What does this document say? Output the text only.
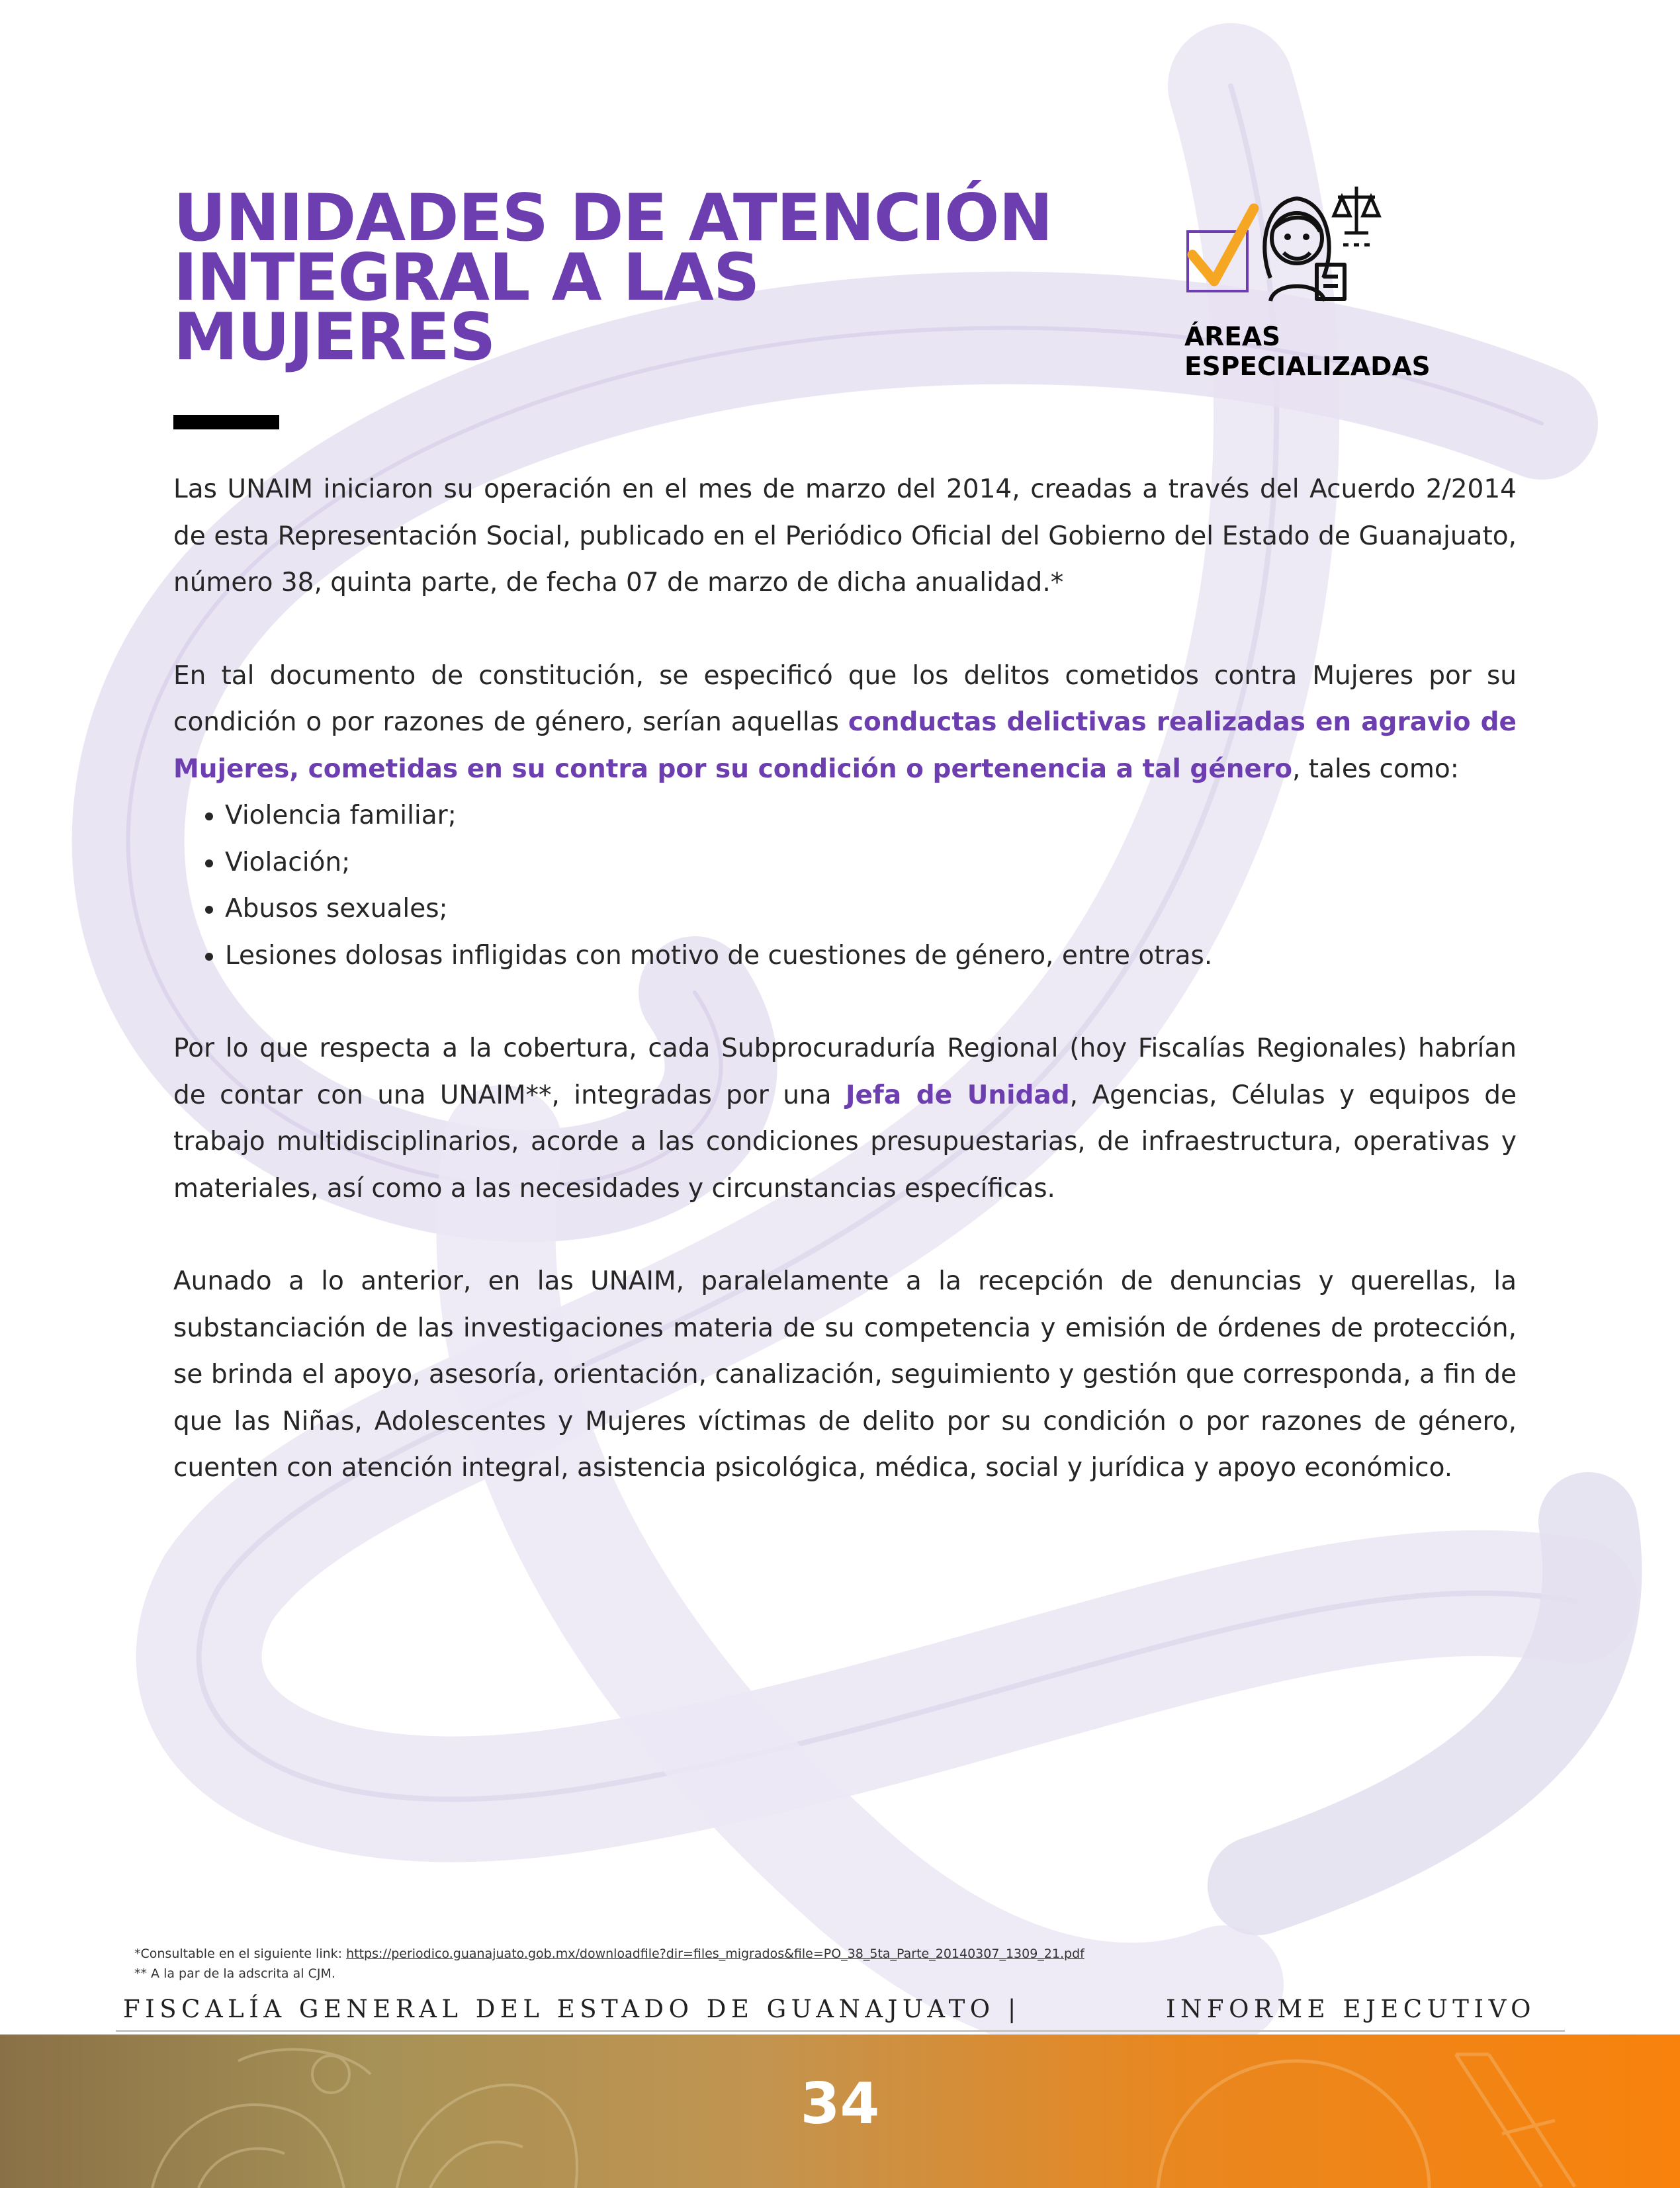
UNIDADES DE ATENCIÓN
INTEGRAL A LAS
MUJERES	ÁREAS ESPECIALIZADAS

Las UNAIM iniciaron su operación en el mes de marzo del 2014, creadas a través del Acuerdo 2/2014 de esta Representación Social, publicado en el Periódico Oficial del Gobierno del Estado de Guanajuato, número 38, quinta parte, de fecha 07 de marzo de dicha anualidad.*

En tal documento de constitución, se especificó que los delitos cometidos contra Mujeres por su condición o por razones de género, serían aquellas conductas delictivas realizadas en agravio de Mujeres, cometidas en su contra por su condición o pertenencia a tal género, tales como:

• Violencia familiar;
• Violación;
• Abusos sexuales;
• Lesiones dolosas infligidas con motivo de cuestiones de género, entre otras.

Por lo que respecta a la cobertura, cada Subprocuraduría Regional (hoy Fiscalías Regionales) habrían de contar con una UNAIM**, integradas por una Jefa de Unidad, Agencias, Células y equipos de trabajo multidisciplinarios, acorde a las condiciones presupuestarias, de infraestructura, operativas y materiales, así como a las necesidades y circunstancias específicas.

Aunado a lo anterior, en las UNAIM, paralelamente a la recepción de denuncias y querellas, la substanciación de las investigaciones materia de su competencia y emisión de órdenes de protección, se brinda el apoyo, asesoría, orientación, canalización, seguimiento y gestión que corresponda, a fin de que las Niñas, Adolescentes y Mujeres víctimas de delito por su condición o por razones de género, cuenten con atención integral, asistencia psicológica, médica, social y jurídica y apoyo económico.

*Consultable en el siguiente link: https://periodico.guanajuato.gob.mx/downloadfile?dir=files_migrados&file=PO_38_5ta_Parte_20140307_1309_21.pdf
** A la par de la adscrita al CJM.
FISCALÍA GENERAL DEL ESTADO DE GUANAJUATO |	INFORME EJECUTIVO
34
